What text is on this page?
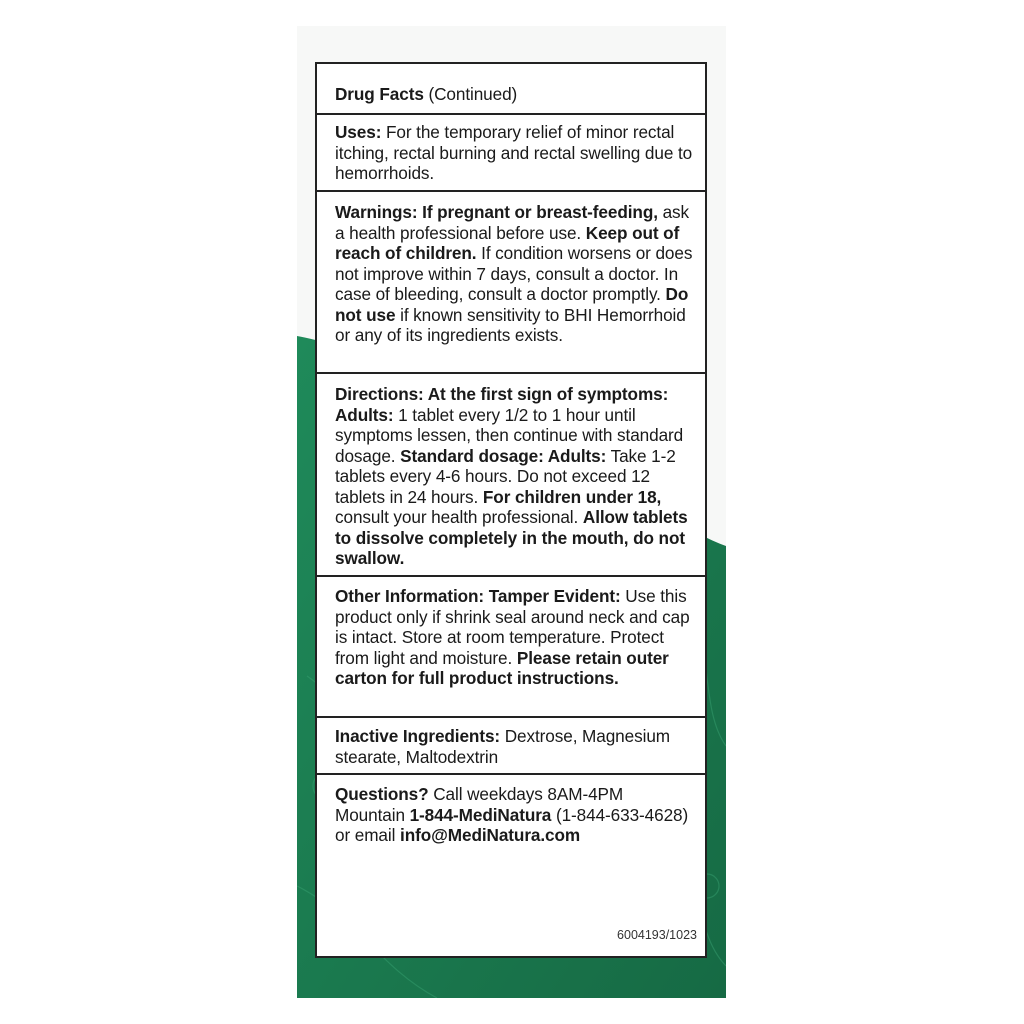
Drug Facts (Continued)
Uses: For the temporary relief of minor rectal itching, rectal burning and rectal swelling due to hemorrhoids.
Warnings: If pregnant or breast-feeding, ask a health professional before use. Keep out of reach of children. If condition worsens or does not improve within 7 days, consult a doctor. In case of bleeding, consult a doctor promptly. Do not use if known sensitivity to BHI Hemorrhoid or any of its ingredients exists.
Directions: At the first sign of symptoms: Adults: 1 tablet every 1/2 to 1 hour until symptoms lessen, then continue with standard dosage. Standard dosage: Adults: Take 1-2 tablets every 4-6 hours. Do not exceed 12 tablets in 24 hours. For children under 18, consult your health professional. Allow tablets to dissolve completely in the mouth, do not swallow.
Other Information: Tamper Evident: Use this product only if shrink seal around neck and cap is intact. Store at room temperature. Protect from light and moisture. Please retain outer carton for full product instructions.
Inactive Ingredients: Dextrose, Magnesium stearate, Maltodextrin
Questions? Call weekdays 8AM-4PM Mountain 1-844-MediNatura (1-844-633-4628) or email info@MediNatura.com
6004193/1023
